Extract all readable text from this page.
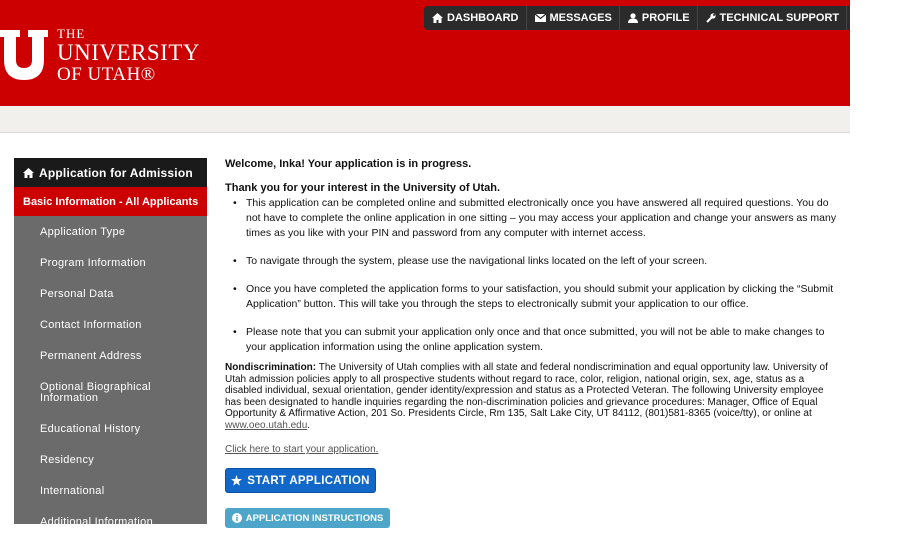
DASHBOARD	MESSAGES	PROFILE	TECHNICAL SUPPORT LOG OU
THE
UNIVERSITY
OF UTAH®
Application for Admission
Basic Information - All Applicants
Application Type
Program Information
Personal Data
Contact Information
Permanent Address
Optional Biographical Information
Educational History
Residency
International
Additional Information
Welcome, Inka! Your application is in progress.
Thank you for your interest in the University of Utah.
• This application can be completed online and submitted electronically once you have answered all required questions. You do not have to complete the online application in one sitting – you may access your application and change your answers as many times as you like with your PIN and password from any computer with internet access.
• To navigate through the system, please use the navigational links located on the left of your screen.
• Once you have completed the application forms to your satisfaction, you should submit your application by clicking the “Submit Application” button. This will take you through the steps to electronically submit your application to our office.
• Please note that you can submit your application only once and that once submitted, you will not be able to make changes to your application information using the online application system.
Nondiscrimination: The University of Utah complies with all state and federal nondiscrimination and equal opportunity law. University of Utah admission policies apply to all prospective students without regard to race, color, religion, national origin, sex, age, status as a disabled individual, sexual orientation, gender identity/expression and status as a Protected Veteran. The following University employee has been designated to handle inquiries regarding the non-discrimination policies and grievance procedures: Manager, Office of Equal Opportunity & Affirmative Action, 201 So. Presidents Circle, Rm 135, Salt Lake City, UT 84112, (801)581-8365 (voice/tty), or online at www.oeo.utah.edu.
Click here to start your application.
START APPLICATION
APPLICATION INSTRUCTIONS
